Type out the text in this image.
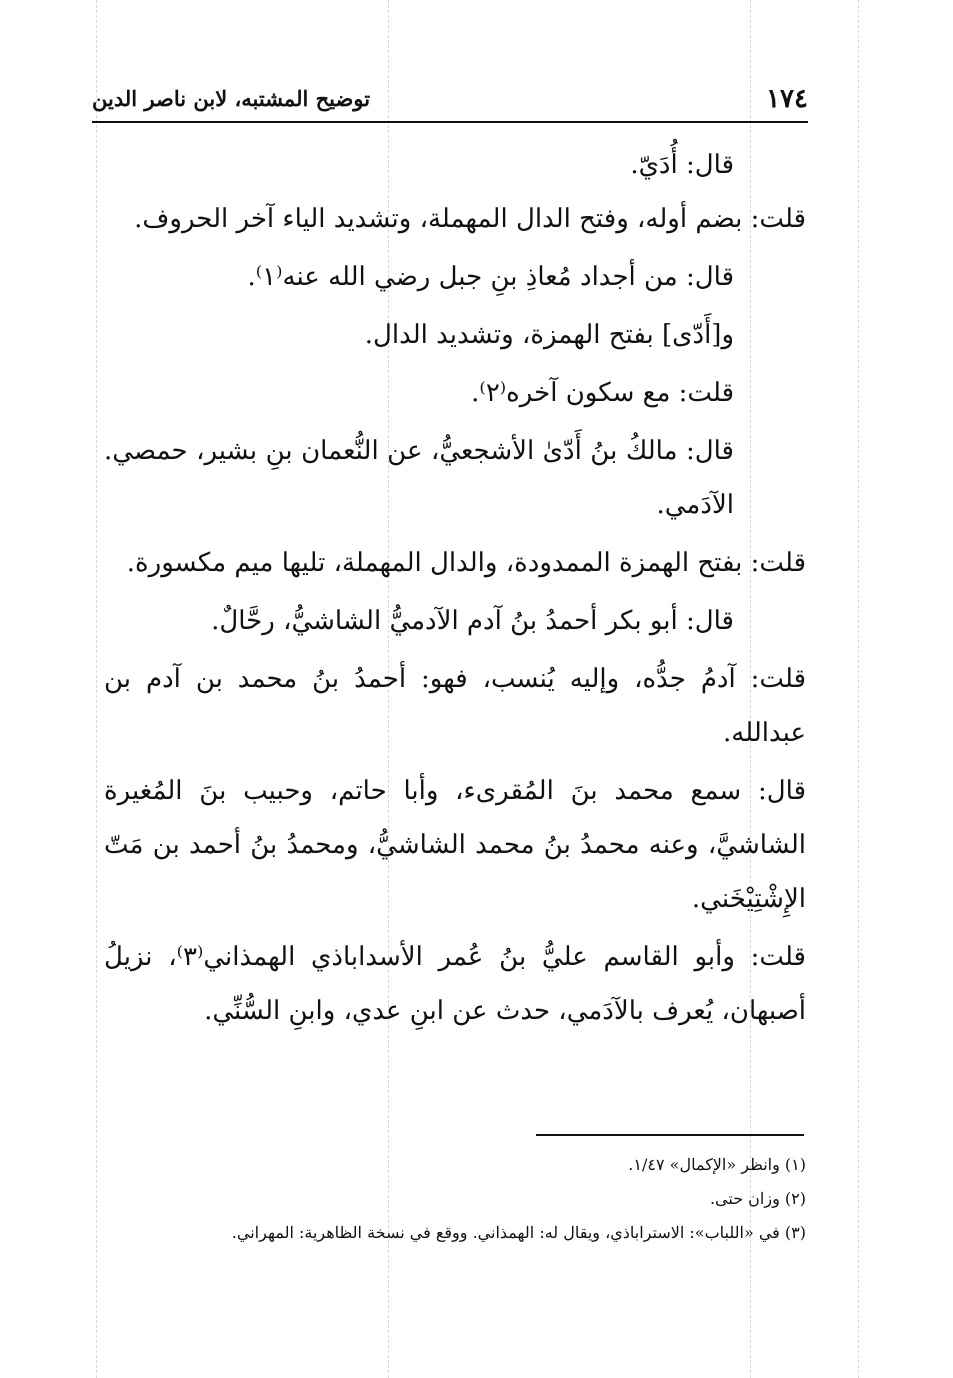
١٧٤
توضيح المشتبه، لابن ناصر الدين

قال: أُدَيّ.

قلت: بضم أوله، وفتح الدال المهملة، وتشديد الياء آخر الحروف.

قال: من أجداد مُعاذِ بنِ جبل رضي الله عنه⁽١⁾.

و[أَدّى] بفتح الهمزة، وتشديد الدال.

قلت: مع سكون آخره⁽٢⁾.

قال: مالكُ بنُ أَدّىٰ الأشجعيُّ، عن النُّعمان بنِ بشير، حمصي. الآدَمي.

قلت: بفتح الهمزة الممدودة، والدال المهملة، تليها ميم مكسورة.

قال: أبو بكر أحمدُ بنُ آدم الآدميُّ الشاشيُّ، رحَّالٌ.

قلت: آدمُ جدُّه، وإليه يُنسب، فهو: أحمدُ بنُ محمد بن آدم بن عبدالله.

قال: سمع محمد بنَ المُقرىء، وأبا حاتم، وحبيب بنَ المُغيرة الشاشيَّ، وعنه محمدُ بنُ محمد الشاشيُّ، ومحمدُ بنُ أحمد بن مَتّ الإِشْتِيْخَني.

قلت: وأبو القاسم عليُّ بنُ عُمر الأسداباذي الهمذاني⁽٣⁾، نزيلُ أصبهان، يُعرف بالآدَمي، حدث عن ابنِ عدي، وابنِ السُّنِّي.

(١) وانظر «الإكمال» ١/٤٧.

(٢) وزان حتى.

(٣) في «اللباب»: الاستراباذي، ويقال له: الهمذاني. ووقع في نسخة الظاهرية: المهراني.
